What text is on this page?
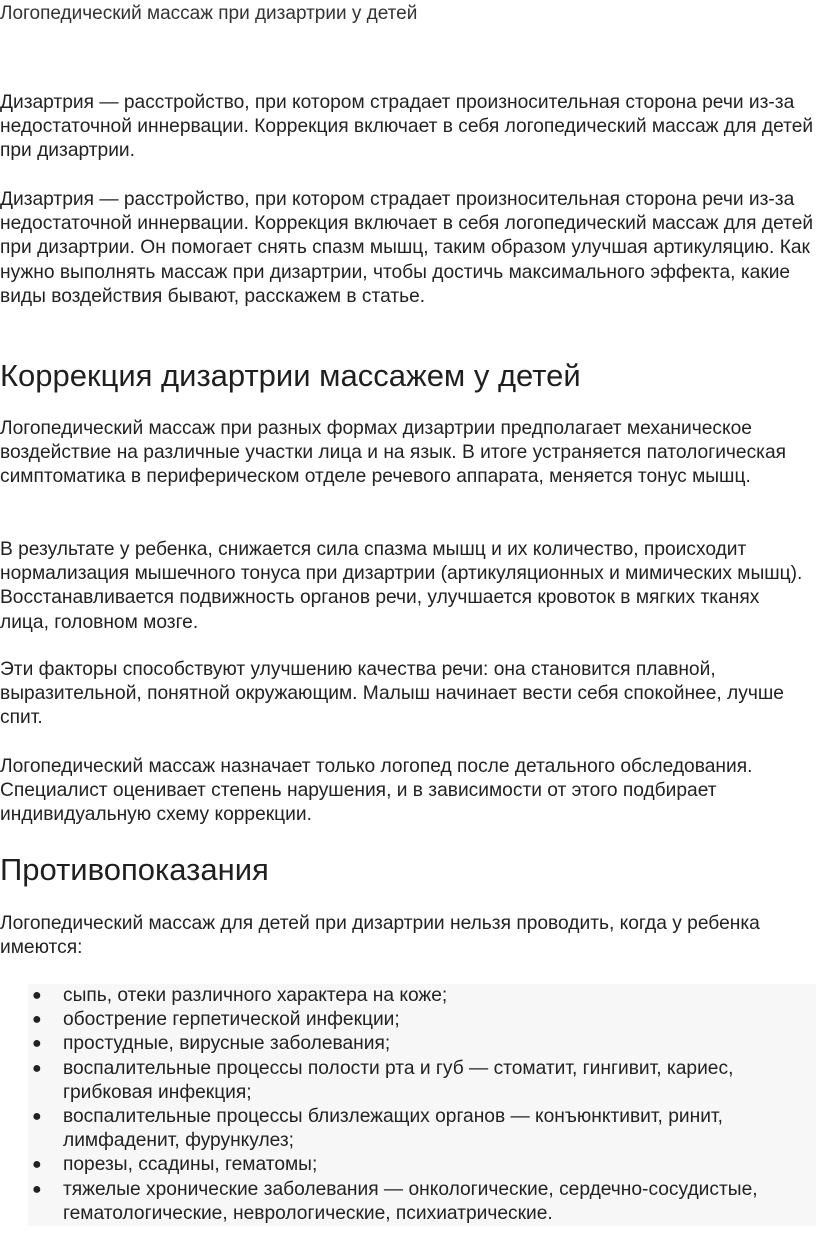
Логопедический массаж при дизартрии у детей

Дизартрия — расстройство, при котором страдает произносительная сторона речи из-за недостаточной иннервации. Коррекция включает в себя логопедический массаж для детей при дизартрии.

Дизартрия — расстройство, при котором страдает произносительная сторона речи из-за недостаточной иннервации. Коррекция включает в себя логопедический массаж для детей при дизартрии. Он помогает снять спазм мышц, таким образом улучшая артикуляцию. Как нужно выполнять массаж при дизартрии, чтобы достичь максимального эффекта, какие виды воздействия бывают, расскажем в статье.

Коррекция дизартрии массажем у детей

Логопедический массаж при разных формах дизартрии предполагает механическое воздействие на различные участки лица и на язык. В итоге устраняется патологическая симптоматика в периферическом отделе речевого аппарата, меняется тонус мышц.

В результате у ребенка, снижается сила спазма мышц и их количество, происходит нормализация мышечного тонуса при дизартрии (артикуляционных и мимических мышц). Восстанавливается подвижность органов речи, улучшается кровоток в мягких тканях лица, головном мозге.

Эти факторы способствуют улучшению качества речи: она становится плавной, выразительной, понятной окружающим. Малыш начинает вести себя спокойнее, лучше спит.

Логопедический массаж назначает только логопед после детального обследования. Специалист оценивает степень нарушения, и в зависимости от этого подбирает индивидуальную схему коррекции.

Противопоказания

Логопедический массаж для детей при дизартрии нельзя проводить, когда у ребенка имеются:

● сыпь, отеки различного характера на коже;
● обострение герпетической инфекции;
● простудные, вирусные заболевания;
● воспалительные процессы полости рта и губ — стоматит, гингивит, кариес, грибковая инфекция;
● воспалительные процессы близлежащих органов — конъюнктивит, ринит, лимфаденит, фурункулез;
● порезы, ссадины, гематомы;
● тяжелые хронические заболевания — онкологические, сердечно-сосудистые, гематологические, неврологические, психиатрические.
